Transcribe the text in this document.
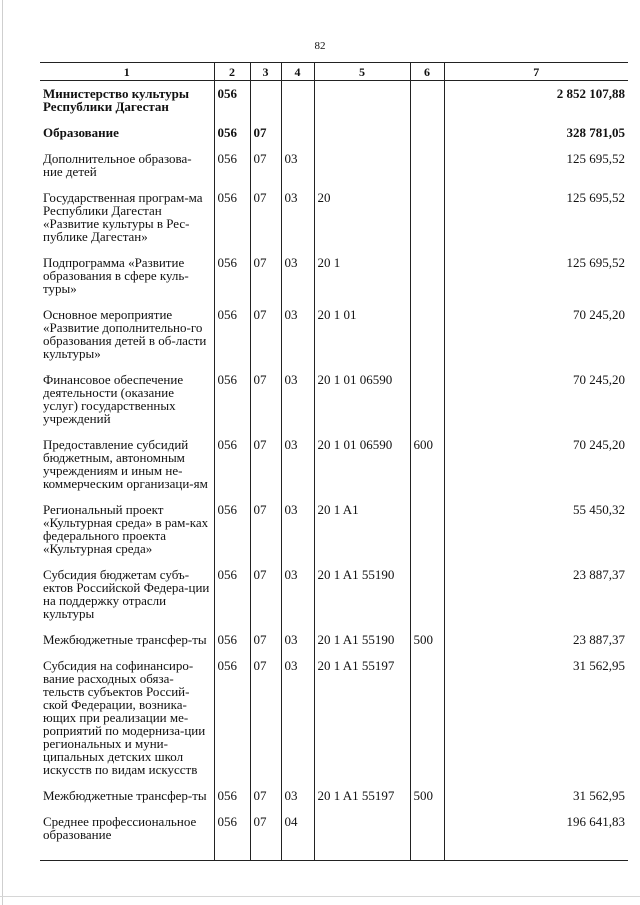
82
1	2	3	4	5	6	7
Министерство культуры Республики Дагестан	056					2 852 107,88
Образование	056	07				328 781,05
Дополнительное образова-ние детей	056	07	03			125 695,52
Государственная програм-ма Республики Дагестан «Развитие культуры в Рес-публике Дагестан»	056	07	03	20		125 695,52
Подпрограмма «Развитие образования в сфере куль-туры»	056	07	03	20 1		125 695,52
Основное мероприятие «Развитие дополнительно-го образования детей в об-ласти культуры»	056	07	03	20 1 01		70 245,20
Финансовое обеспечение деятельности (оказание услуг) государственных учреждений	056	07	03	20 1 01 06590		70 245,20
Предоставление субсидий бюджетным, автономным учреждениям и иным не-коммерческим организаци-ям	056	07	03	20 1 01 06590	600	70 245,20
Региональный проект «Культурная среда» в рам-ках федерального проекта «Культурная среда»	056	07	03	20 1 A1		55 450,32
Субсидия бюджетам субъ-ектов Российской Федера-ции на поддержку отрасли культуры	056	07	03	20 1 A1 55190		23 887,37
Межбюджетные трансфер-ты	056	07	03	20 1 A1 55190	500	23 887,37
Субсидия на софинансиро-вание расходных обяза-тельств субъектов Россий-ской Федерации, возника-ющих при реализации ме-роприятий по модерниза-ции региональных и муни-ципальных детских школ искусств по видам искусств	056	07	03	20 1 A1 55197		31 562,95
Межбюджетные трансфер-ты	056	07	03	20 1 A1 55197	500	31 562,95
Среднее профессиональное образование	056	07	04			196 641,83
